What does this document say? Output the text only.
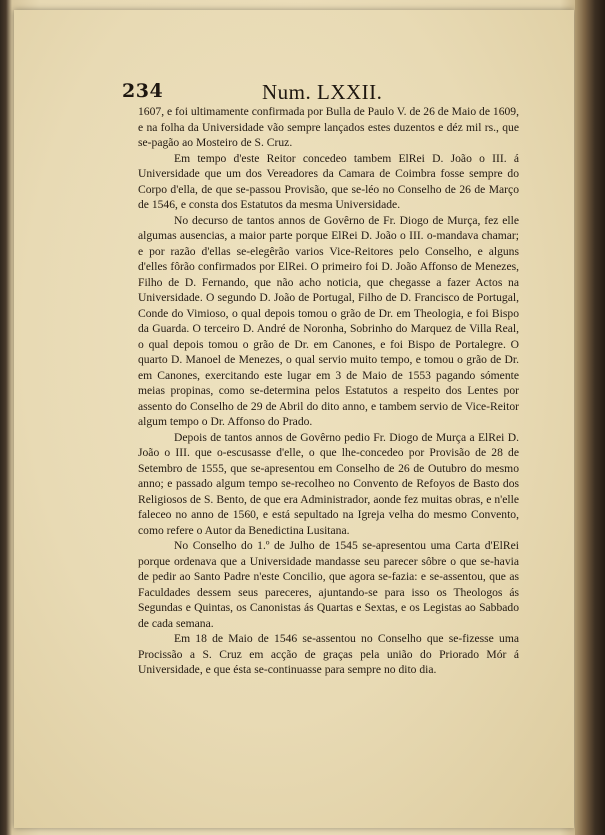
234	Num. LXXII.

1607, e foi ultimamente confirmada por Bulla de Paulo V. de 26 de Maio de 1609, e na folha da Universidade vão sempre lançados estes duzentos e déz mil rs., que se-pagão ao Mosteiro de S. Cruz.

Em tempo d'este Reitor concedeo tambem ElRei D. João o III. á Universidade que um dos Vereadores da Camara de Coimbra fosse sempre do Corpo d'ella, de que se-passou Provisão, que se-léo no Conselho de 26 de Março de 1546, e consta dos Estatutos da mesma Universidade.

No decurso de tantos annos de Govêrno de Fr. Diogo de Murça, fez elle algumas ausencias, a maior parte porque ElRei D. João o III. o-mandava chamar; e por razão d'ellas se-elegêrão varios Vice-Reitores pelo Conselho, e alguns d'elles fôrão confirmados por ElRei. O primeiro foi D. João Affonso de Menezes, Filho de D. Fernando, que não acho noticia, que chegasse a fazer Actos na Universidade. O segundo D. João de Portugal, Filho de D. Francisco de Portugal, Conde do Vimioso, o qual depois tomou o grão de Dr. em Theologia, e foi Bispo da Guarda. O terceiro D. André de Noronha, Sobrinho do Marquez de Villa Real, o qual depois tomou o grão de Dr. em Canones, e foi Bispo de Portalegre. O quarto D. Manoel de Menezes, o qual servio muito tempo, e tomou o grão de Dr. em Canones, exercitando este lugar em 3 de Maio de 1553 pagando sómente meias propinas, como se-determina pelos Estatutos a respeito dos Lentes por assento do Conselho de 29 de Abril do dito anno, e tambem servio de Vice-Reitor algum tempo o Dr. Affonso do Prado.

Depois de tantos annos de Govêrno pedio Fr. Diogo de Murça a ElRei D. João o III. que o-escusasse d'elle, o que lhe-concedeo por Provisão de 28 de Setembro de 1555, que se-apresentou em Conselho de 26 de Outubro do mesmo anno; e passado algum tempo se-recolheo no Convento de Refoyos de Basto dos Religiosos de S. Bento, de que era Administrador, aonde fez muitas obras, e n'elle faleceo no anno de 1560, e está sepultado na Igreja velha do mesmo Convento, como refere o Autor da Benedictina Lusitana.

No Conselho do 1.º de Julho de 1545 se-apresentou uma Carta d'ElRei porque ordenava que a Universidade mandasse seu parecer sôbre o que se-havia de pedir ao Santo Padre n'este Concilio, que agora se-fazia: e se-assentou, que as Faculdades dessem seus pareceres, ajuntando-se para isso os Theologos ás Segundas e Quintas, os Canonistas ás Quartas e Sextas, e os Legistas ao Sabbado de cada semana.

Em 18 de Maio de 1546 se-assentou no Conselho que se-fizesse uma Procissão a S. Cruz em acção de graças pela união do Priorado Mór á Universidade, e que ésta se-continuasse para sempre no dito dia.
